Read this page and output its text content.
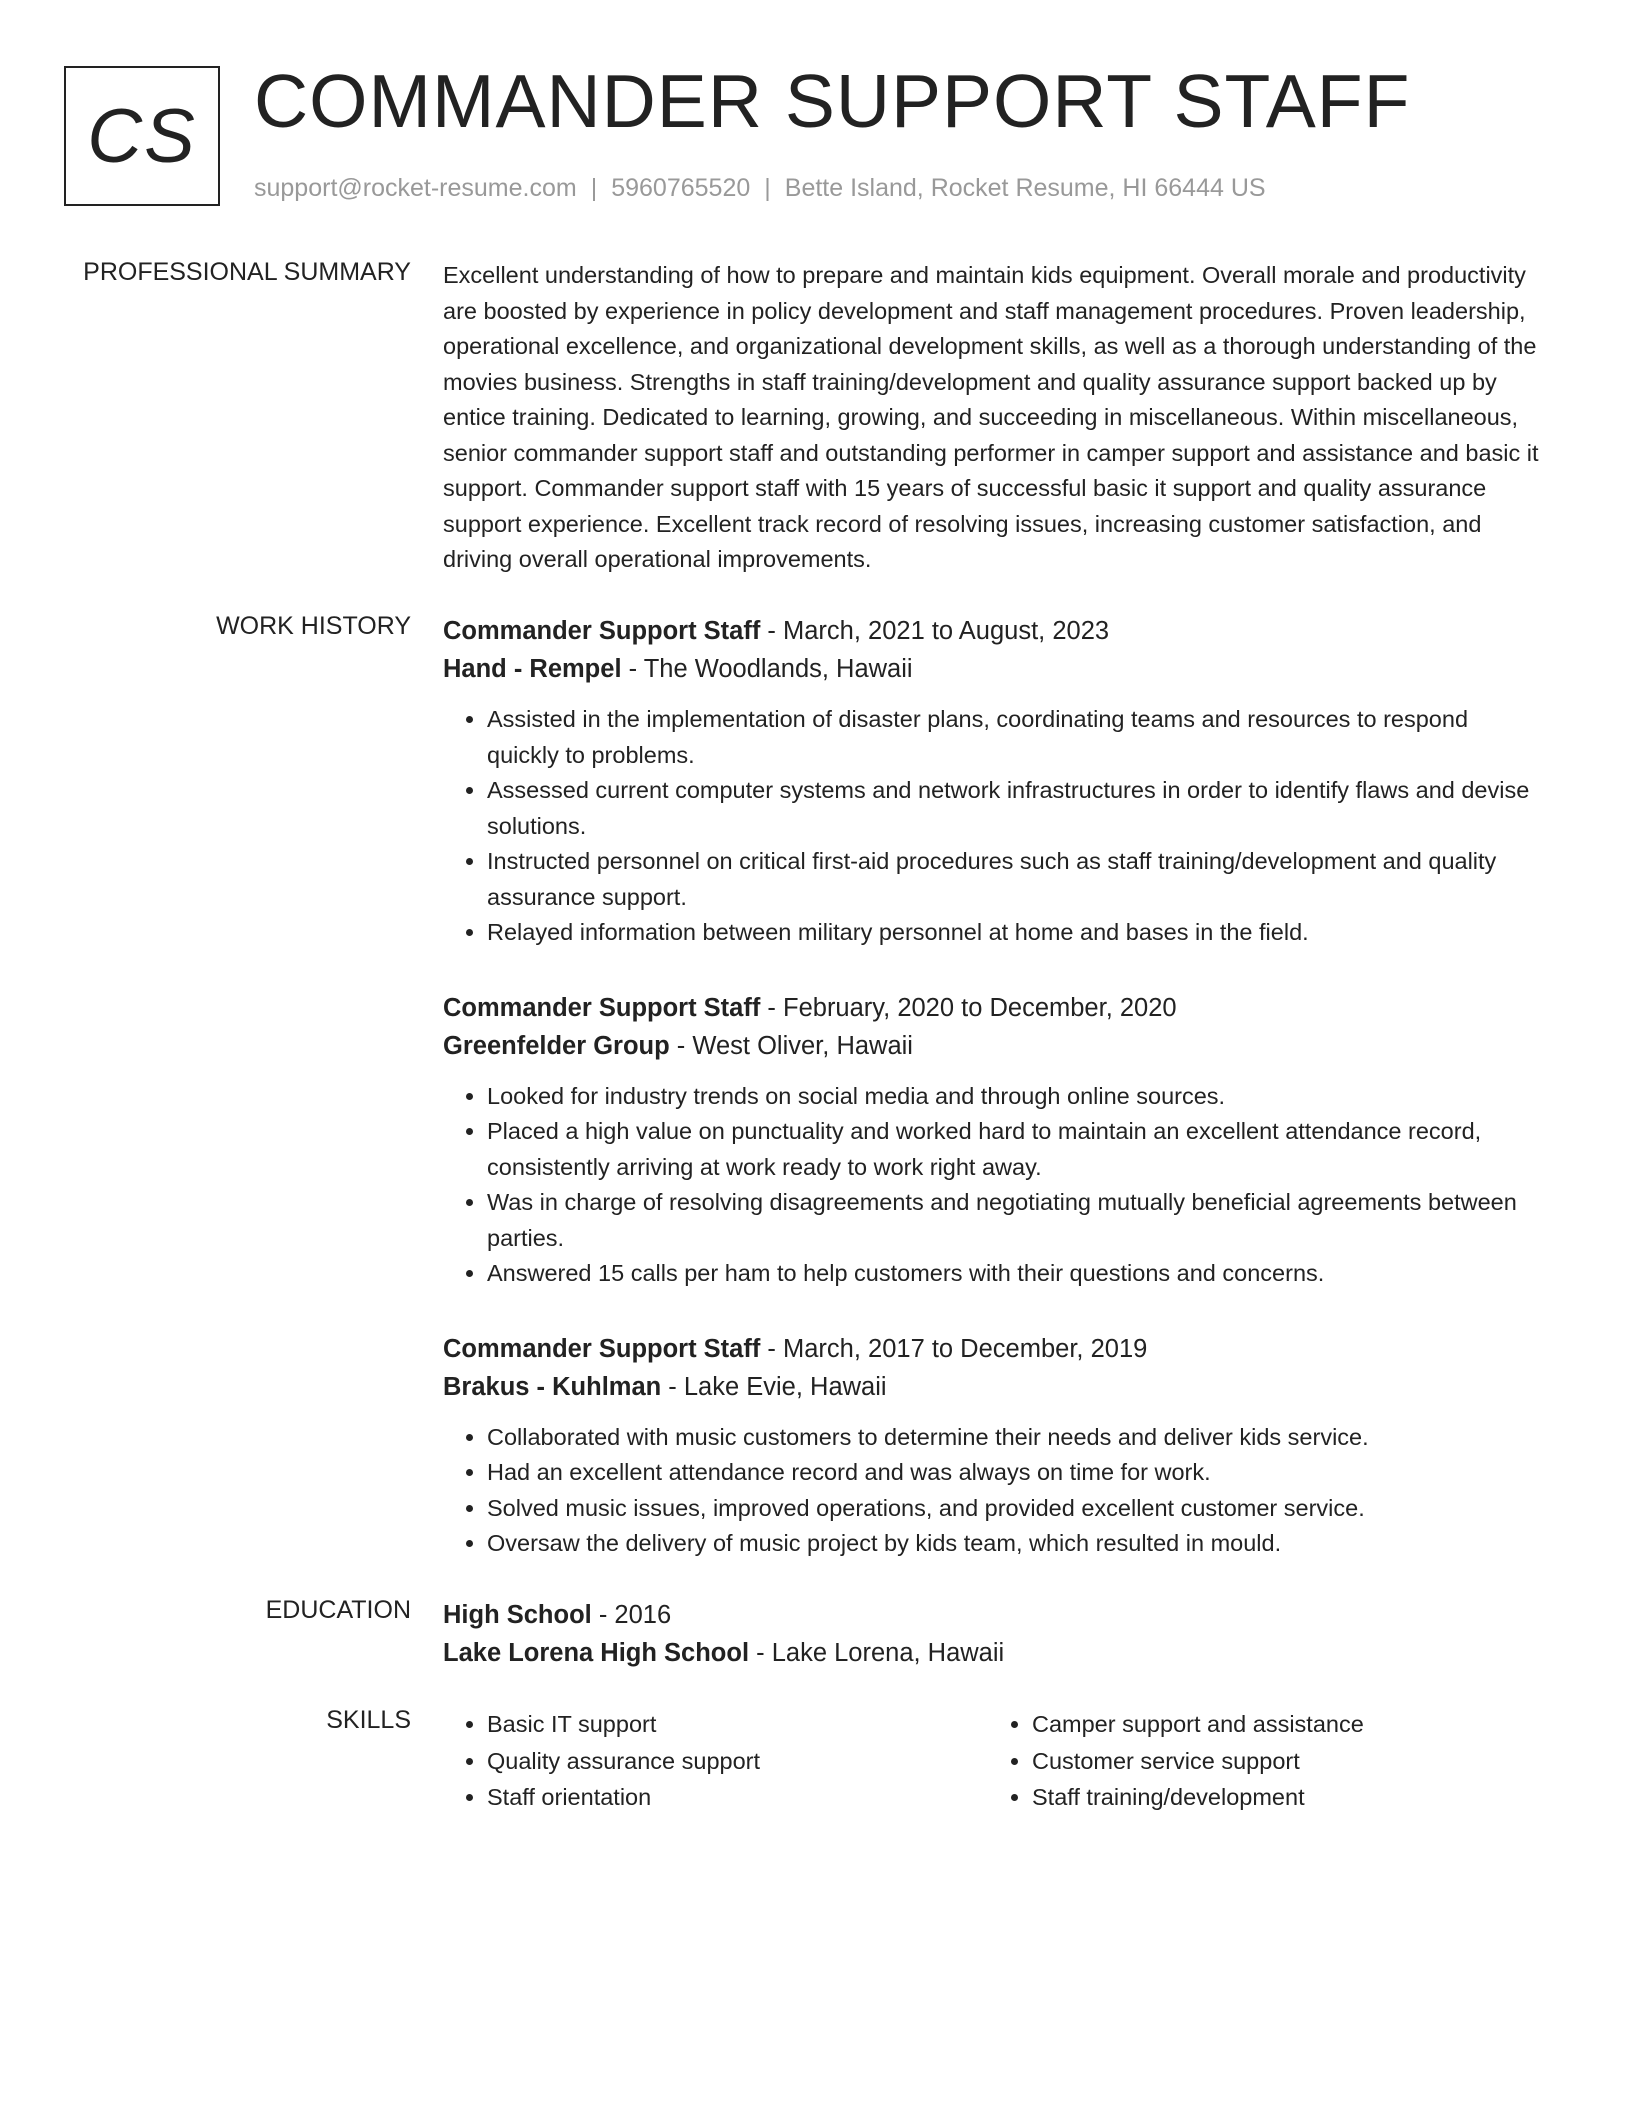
CS COMMANDER SUPPORT STAFF
support@rocket-resume.com | 5960765520 | Bette Island, Rocket Resume, HI 66444 US
PROFESSIONAL SUMMARY Excellent understanding of how to prepare and maintain kids equipment. Overall morale and productivity are boosted by experience in policy development and staff management procedures. Proven leadership, operational excellence, and organizational development skills, as well as a thorough understanding of the movies business. Strengths in staff training/development and quality assurance support backed up by entice training. Dedicated to learning, growing, and succeeding in miscellaneous. Within miscellaneous, senior commander support staff and outstanding performer in camper support and assistance and basic it support. Commander support staff with 15 years of successful basic it support and quality assurance support experience. Excellent track record of resolving issues, increasing customer satisfaction, and driving overall operational improvements.

WORK HISTORY Commander Support Staff - March, 2021 to August, 2023
Hand - Rempel - The Woodlands, Hawaii
• Assisted in the implementation of disaster plans, coordinating teams and resources to respond quickly to problems.
• Assessed current computer systems and network infrastructures in order to identify flaws and devise solutions.
• Instructed personnel on critical first-aid procedures such as staff training/development and quality assurance support.
• Relayed information between military personnel at home and bases in the field.
Commander Support Staff - February, 2020 to December, 2020
Greenfelder Group - West Oliver, Hawaii
• Looked for industry trends on social media and through online sources.
• Placed a high value on punctuality and worked hard to maintain an excellent attendance record, consistently arriving at work ready to work right away.
• Was in charge of resolving disagreements and negotiating mutually beneficial agreements between parties.
• Answered 15 calls per ham to help customers with their questions and concerns.
Commander Support Staff - March, 2017 to December, 2019
Brakus - Kuhlman - Lake Evie, Hawaii
• Collaborated with music customers to determine their needs and deliver kids service.
• Had an excellent attendance record and was always on time for work.
• Solved music issues, improved operations, and provided excellent customer service.
• Oversaw the delivery of music project by kids team, which resulted in mould.
EDUCATION High School - 2016
Lake Lorena High School - Lake Lorena, Hawaii
SKILLS
•	Basic IT support
• Quality assurance support
• Staff orientation
• Camper support and assistance
• Customer service support
• Staff training/development
